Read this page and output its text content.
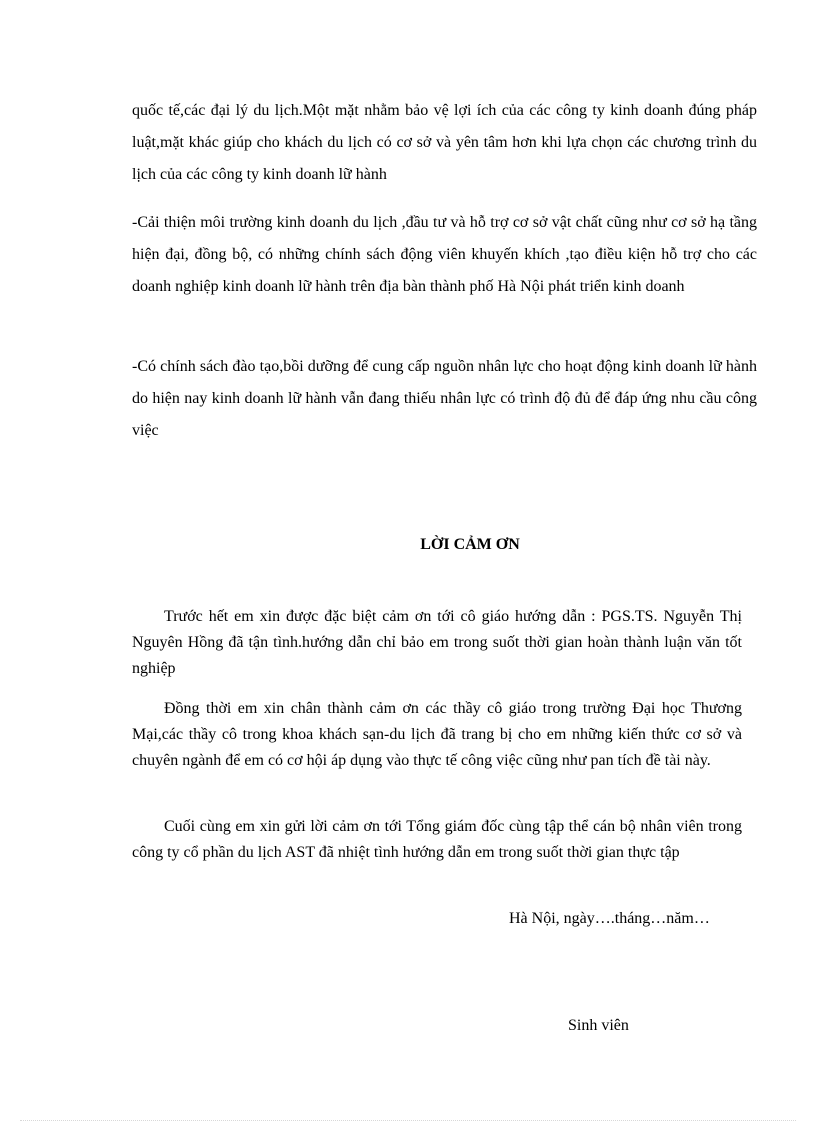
quốc tế,các đại lý du lịch.Một mặt nhằm bảo vệ lợi ích của các công ty kinh doanh đúng pháp luật,mặt khác giúp cho khách du lịch có cơ sở và yên tâm hơn khi lựa chọn các chương trình du lịch của các công ty kinh doanh lữ hành

-Cải thiện môi trường kinh doanh du lịch ,đầu tư và hỗ trợ cơ sở vật chất cũng như cơ sở hạ tầng hiện đại, đồng bộ, có những chính sách động viên khuyến khích ,tạo điều kiện hỗ trợ cho các doanh nghiệp kinh doanh lữ hành trên địa bàn thành phố Hà Nội phát triển kinh doanh

-Có chính sách đào tạo,bồi dưỡng để cung cấp nguồn nhân lực cho hoạt động kinh doanh lữ hành do hiện nay kinh doanh lữ hành vẫn đang thiếu nhân lực có trình độ đủ để đáp ứng nhu cầu công việc

LỜI CẢM ƠN

Trước hết em xin được đặc biệt cảm ơn tới cô giáo hướng dẫn : PGS.TS. Nguyễn Thị Nguyên Hồng đã tận tình.hướng dẫn chỉ bảo em trong suốt thời gian hoàn thành luận văn tốt nghiệp

Đồng thời em xin chân thành cảm ơn các thầy cô giáo trong trường Đại học Thương Mại,các thầy cô trong khoa khách sạn-du lịch đã trang bị cho em những kiến thức cơ sở và chuyên ngành để em có cơ hội áp dụng vào thực tế công việc cũng như pan tích đề tài này.

Cuối cùng em xin gửi lời cảm ơn tới Tổng giám đốc cùng tập thể cán bộ nhân viên trong công ty cổ phần du lịch AST đã nhiệt tình hướng dẫn em trong suốt thời gian thực tập

Hà Nội, ngày….tháng…năm…

Sinh viên
